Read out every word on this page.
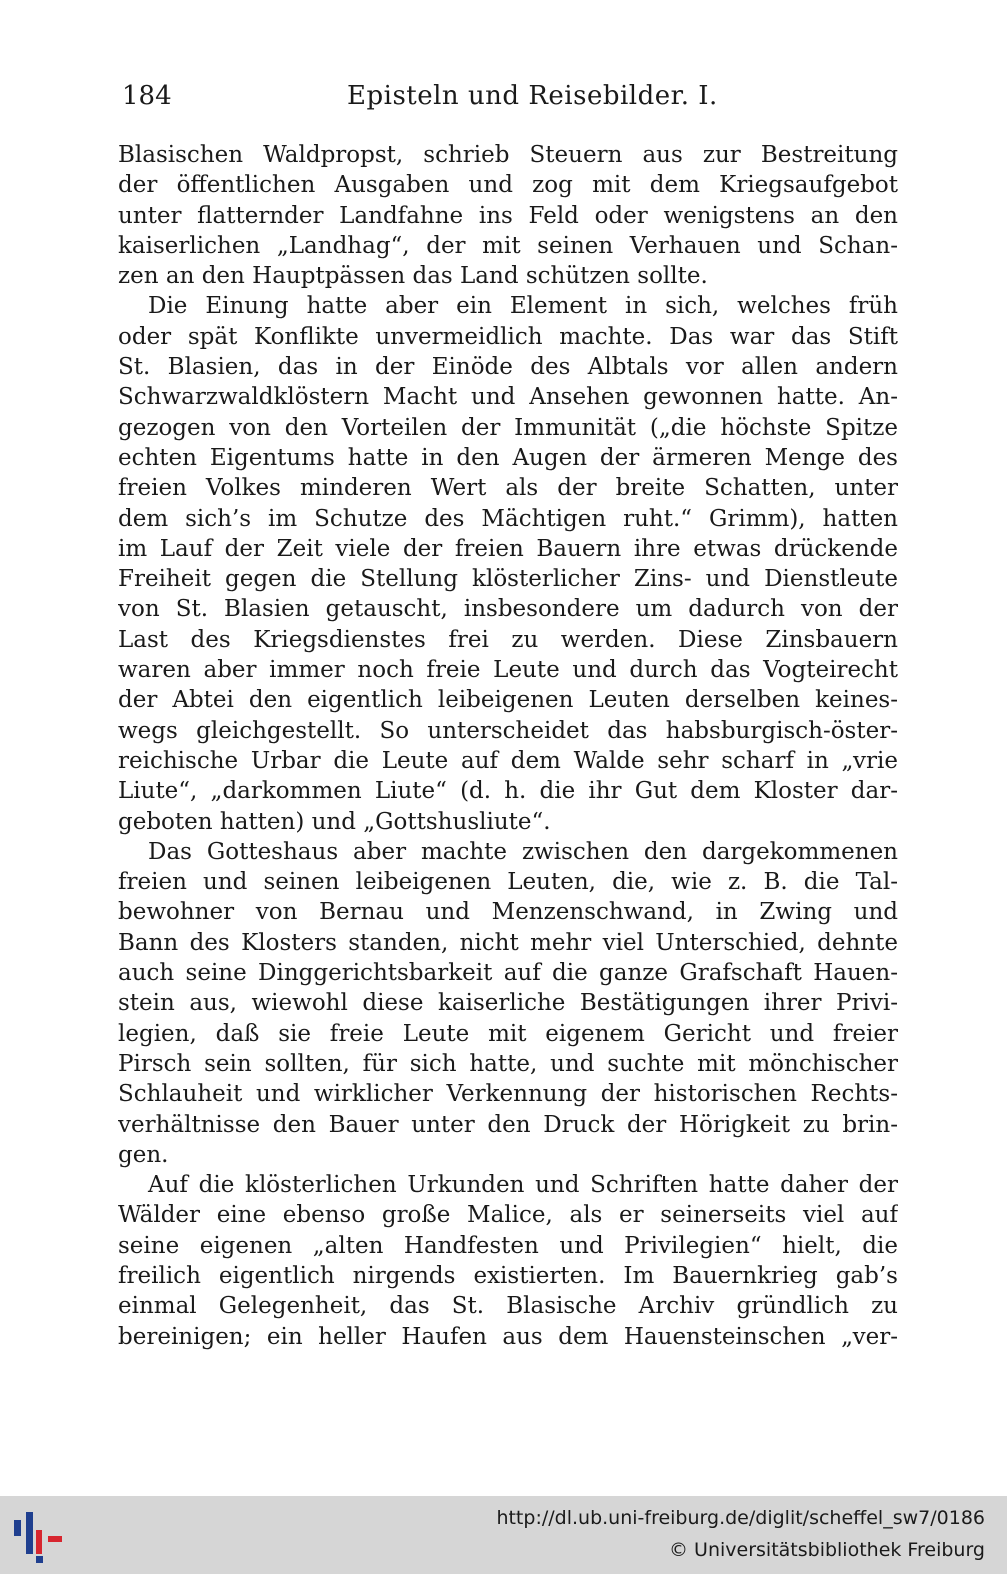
184	Episteln und Reisebilder. I.
Blasischen Waldpropst, schrieb Steuern aus zur Bestreitung
der öffentlichen Ausgaben und zog mit dem Kriegsaufgebot
unter flatternder Landfahne ins Feld oder wenigstens an den
kaiserlichen „Landhag“, der mit seinen Verhauen und Schan-
zen an den Hauptpässen das Land schützen sollte.
Die Einung hatte aber ein Element in sich, welches früh
oder spät Konflikte unvermeidlich machte. Das war das Stift
St. Blasien, das in der Einöde des Albtals vor allen andern
Schwarzwaldklöstern Macht und Ansehen gewonnen hatte. An-
gezogen von den Vorteilen der Immunität („die höchste Spitze
echten Eigentums hatte in den Augen der ärmeren Menge des
freien Volkes minderen Wert als der breite Schatten, unter
dem sich’s im Schutze des Mächtigen ruht.“ Grimm), hatten
im Lauf der Zeit viele der freien Bauern ihre etwas drückende
Freiheit gegen die Stellung klösterlicher Zins- und Dienstleute
von St. Blasien getauscht, insbesondere um dadurch von der
Last des Kriegsdienstes frei zu werden. Diese Zinsbauern
waren aber immer noch freie Leute und durch das Vogteirecht
der Abtei den eigentlich leibeigenen Leuten derselben keines-
wegs gleichgestellt. So unterscheidet das habsburgisch-öster-
reichische Urbar die Leute auf dem Walde sehr scharf in „vrie
Liute“, „darkommen Liute“ (d. h. die ihr Gut dem Kloster dar-
geboten hatten) und „Gottshusliute“.
Das Gotteshaus aber machte zwischen den dargekommenen
freien und seinen leibeigenen Leuten, die, wie z. B. die Tal-
bewohner von Bernau und Menzenschwand, in Zwing und
Bann des Klosters standen, nicht mehr viel Unterschied, dehnte
auch seine Dinggerichtsbarkeit auf die ganze Grafschaft Hauen-
stein aus, wiewohl diese kaiserliche Bestätigungen ihrer Privi-
legien, daß sie freie Leute mit eigenem Gericht und freier
Pirsch sein sollten, für sich hatte, und suchte mit mönchischer
Schlauheit und wirklicher Verkennung der historischen Rechts-
verhältnisse den Bauer unter den Druck der Hörigkeit zu brin-
gen.
Auf die klösterlichen Urkunden und Schriften hatte daher der
Wälder eine ebenso große Malice, als er seinerseits viel auf
seine eigenen „alten Handfesten und Privilegien“ hielt, die
freilich eigentlich nirgends existierten. Im Bauernkrieg gab’s
einmal Gelegenheit, das St. Blasische Archiv gründlich zu
bereinigen; ein heller Haufen aus dem Hauensteinschen „ver-
http://dl.ub.uni-freiburg.de/diglit/scheffel_sw7/0186
© Universitätsbibliothek Freiburg
